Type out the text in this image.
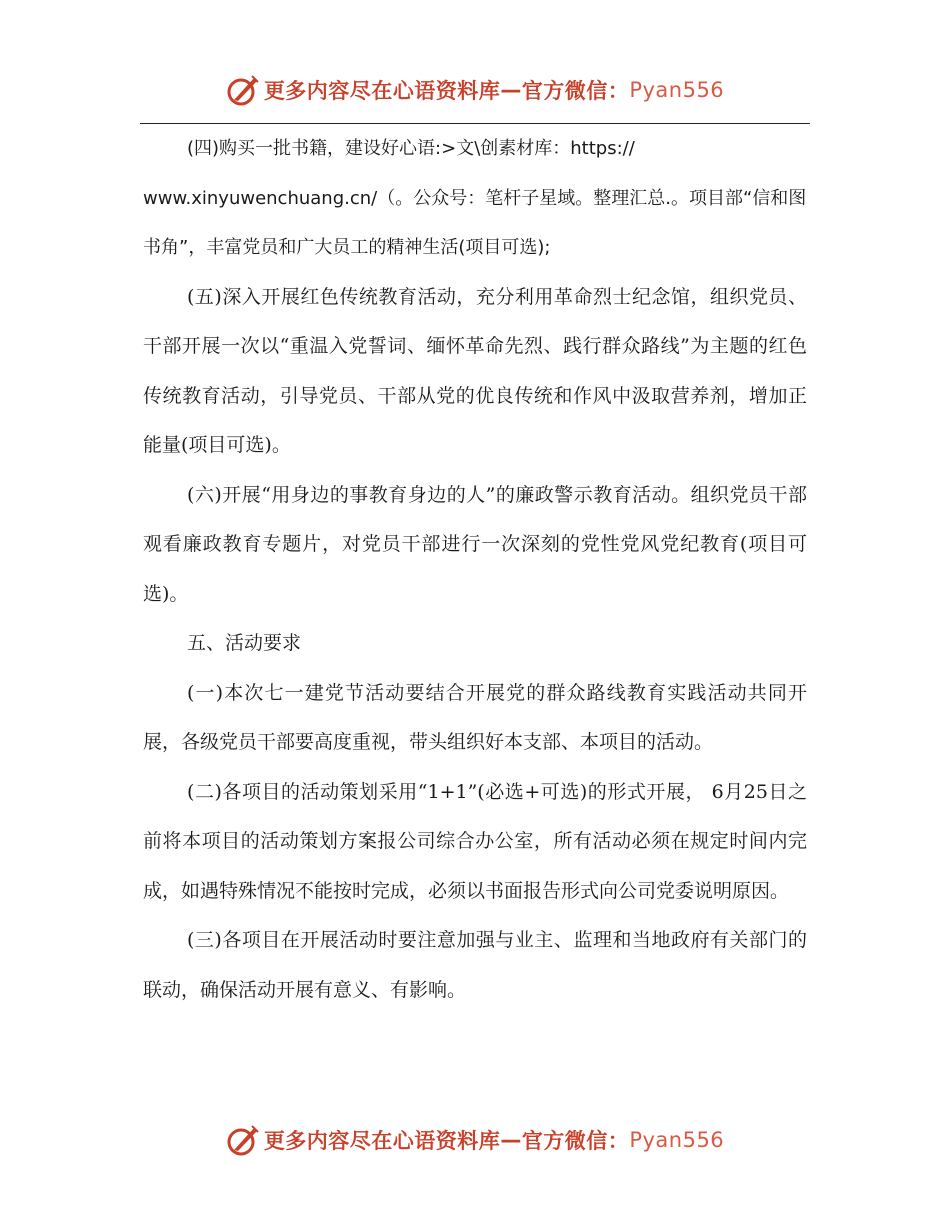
更多内容尽在心语资料库 — 官方微信： Pyan556

(四)购买一批书籍，建设好心语:>文\创素材库：https://

www.xinyuwenchuang.cn/（。公众号：笔杆子星域。整理汇总.。项目部“信和图

书角”，丰富党员和广大员工的精神生活(项目可选);

(五)深入开展红色传统教育活动，充分利用革命烈士纪念馆，组织党员、干部开展一次以“重温入党誓词、缅怀革命先烈、践行群众路线”为主题的红色传统教育活动，引导党员、干部从党的优良传统和作风中汲取营养剂，增加正能量(项目可选)。

(六)开展“用身边的事教育身边的人”的廉政警示教育活动。组织党员干部观看廉政教育专题片，对党员干部进行一次深刻的党性党风党纪教育(项目可选)。

五、活动要求

(一)本次七一建党节活动要结合开展党的群众路线教育实践活动共同开展，各级党员干部要高度重视，带头组织好本支部、本项目的活动。

(二)各项目的活动策划采用“1+1”(必选+可选)的形式开展， 6月25日之前将本项目的活动策划方案报公司综合办公室，所有活动必须在规定时间内完成，如遇特殊情况不能按时完成，必须以书面报告形式向公司党委说明原因。

(三)各项目在开展活动时要注意加强与业主、监理和当地政府有关部门的联动，确保活动开展有意义、有影响。

更多内容尽在心语资料库 — 官方微信： Pyan556
